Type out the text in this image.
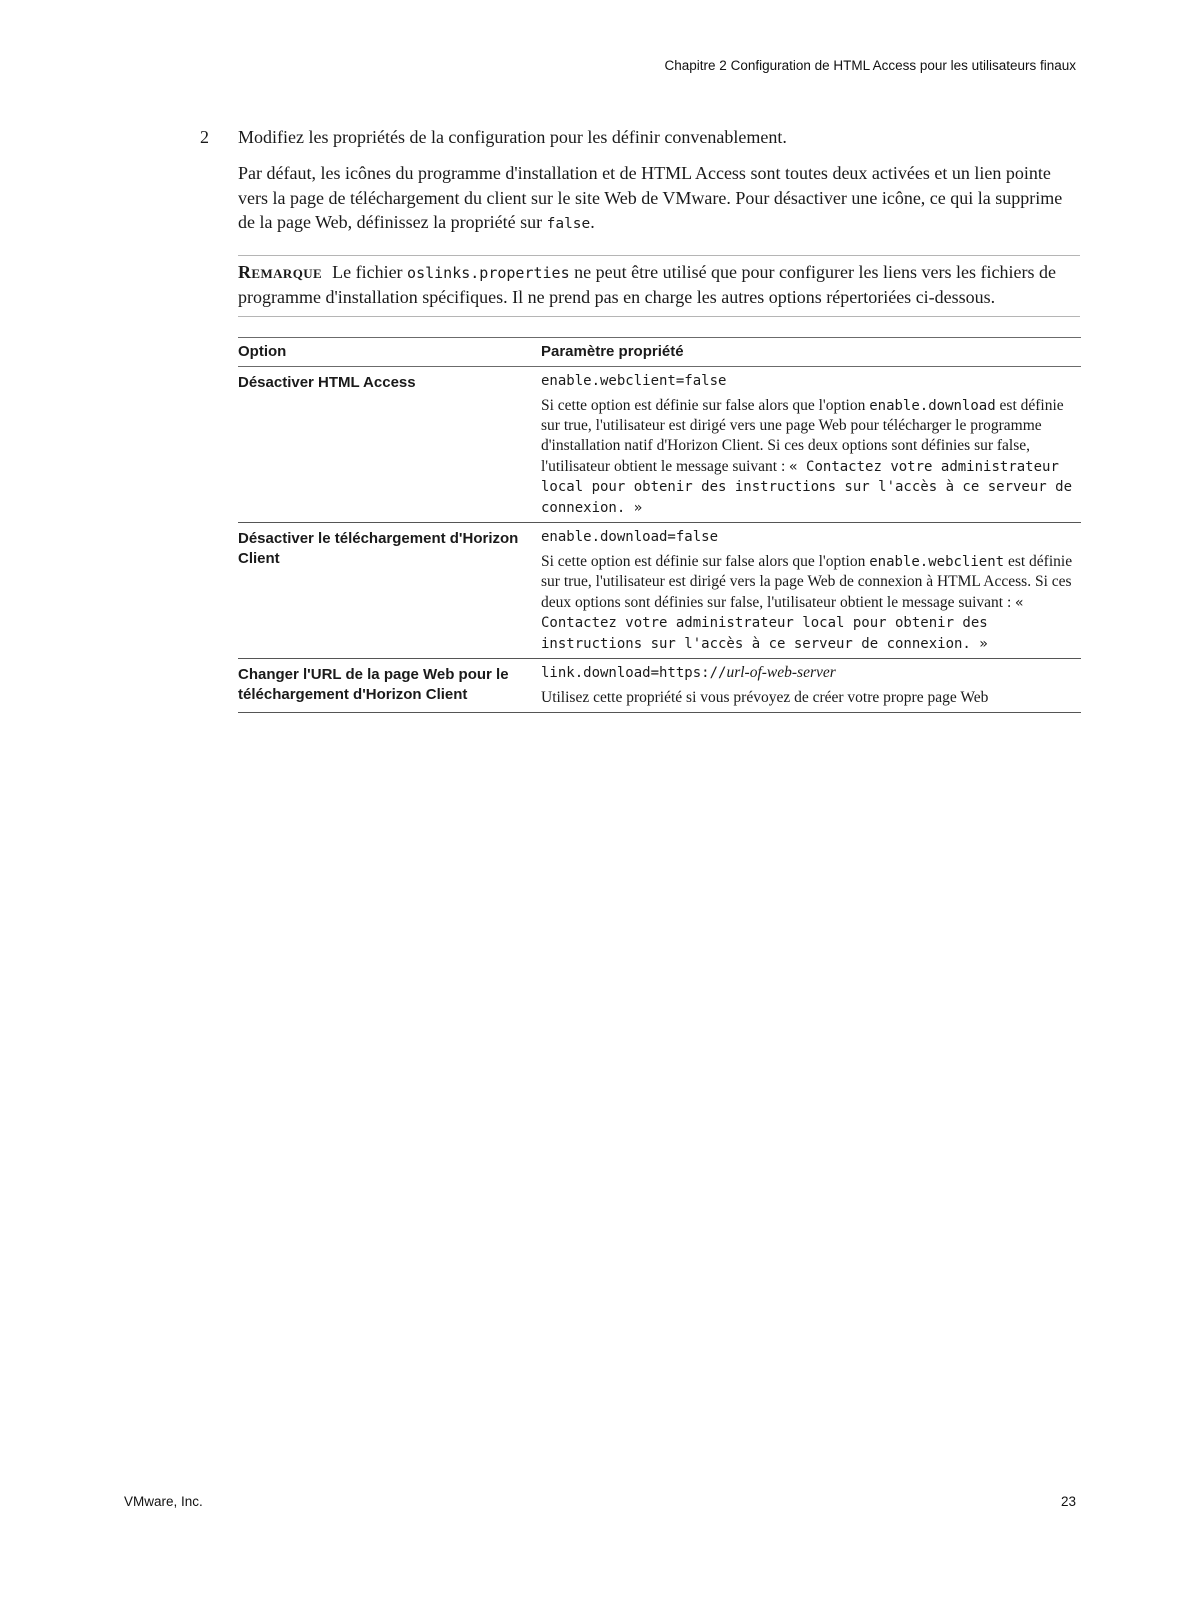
Chapitre 2 Configuration de HTML Access pour les utilisateurs finaux
2 Modifiez les propriétés de la configuration pour les définir convenablement.

Par défaut, les icônes du programme d'installation et de HTML Access sont toutes deux activées et un lien pointe vers la page de téléchargement du client sur le site Web de VMware. Pour désactiver une icône, ce qui la supprime de la page Web, définissez la propriété sur false.

Remarque Le fichier oslinks.properties ne peut être utilisé que pour configurer les liens vers les fichiers de programme d'installation spécifiques. Il ne prend pas en charge les autres options répertoriées ci-dessous.
Option	Paramètre propriété

Désactiver HTML Access	enable.webclient=false
Si cette option est définie sur false alors que l'option enable.download est définie sur true, l'utilisateur est dirigé vers une page Web pour télécharger le programme d'installation natif d'Horizon Client. Si ces deux options sont définies sur false, l'utilisateur obtient le message suivant : « Contactez votre administrateur local pour obtenir des instructions sur l'accès à ce serveur de connexion. »

Désactiver le téléchargement d'Horizon Client	enable.download=false
Si cette option est définie sur false alors que l'option enable.webclient est définie sur true, l'utilisateur est dirigé vers la page Web de connexion à HTML Access. Si ces deux options sont définies sur false, l'utilisateur obtient le message suivant : « Contactez votre administrateur local pour obtenir des instructions sur l'accès à ce serveur de connexion. »

Changer l'URL de la page Web pour le téléchargement d'Horizon Client	link.download=https://url-of-web-server
Utilisez cette propriété si vous prévoyez de créer votre propre page Web
VMware, Inc.	23
